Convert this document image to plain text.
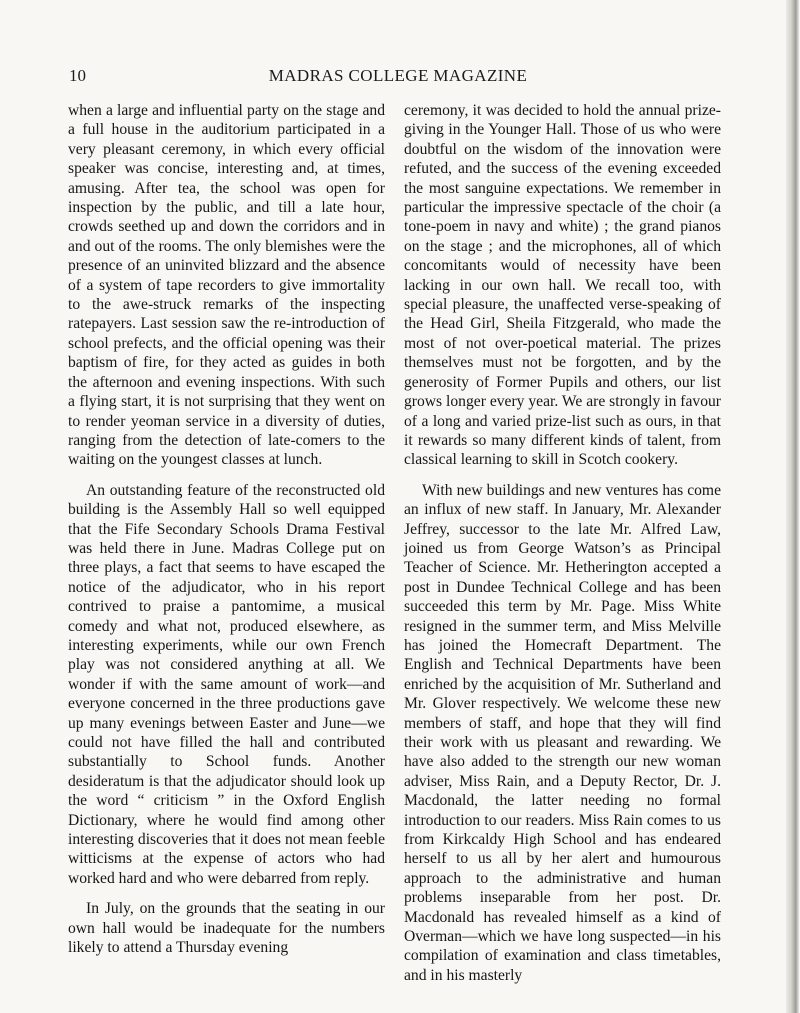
10	MADRAS COLLEGE MAGAZINE

when a large and influential party on the stage and a full house in the auditorium participated in a very pleasant ceremony, in which every official speaker was concise, interesting and, at times, amusing. After tea, the school was open for inspection by the public, and till a late hour, crowds seethed up and down the corridors and in and out of the rooms. The only blemishes were the presence of an uninvited blizzard and the absence of a system of tape recorders to give immortality to the awe-struck remarks of the inspecting ratepayers. Last session saw the re-introduction of school prefects, and the official opening was their baptism of fire, for they acted as guides in both the afternoon and evening inspections. With such a flying start, it is not surprising that they went on to render yeoman service in a diversity of duties, ranging from the detection of late-comers to the waiting on the youngest classes at lunch.

An outstanding feature of the reconstructed old building is the Assembly Hall so well equipped that the Fife Secondary Schools Drama Festival was held there in June. Madras College put on three plays, a fact that seems to have escaped the notice of the adjudicator, who in his report contrived to praise a pantomime, a musical comedy and what not, produced elsewhere, as interesting experiments, while our own French play was not considered anything at all. We wonder if with the same amount of work—and everyone concerned in the three productions gave up many evenings between Easter and June—we could not have filled the hall and contributed substantially to School funds. Another desideratum is that the adjudicator should look up the word “ criticism ” in the Oxford English Dictionary, where he would find among other interesting discoveries that it does not mean feeble witticisms at the expense of actors who had worked hard and who were debarred from reply.

In July, on the grounds that the seating in our own hall would be inadequate for the numbers likely to attend a Thursday evening

ceremony, it was decided to hold the annual prize-giving in the Younger Hall. Those of us who were doubtful on the wisdom of the innovation were refuted, and the success of the evening exceeded the most sanguine expectations. We remember in particular the impressive spectacle of the choir (a tone-poem in navy and white) ; the grand pianos on the stage ; and the microphones, all of which concomitants would of necessity have been lacking in our own hall. We recall too, with special pleasure, the unaffected verse-speaking of the Head Girl, Sheila Fitzgerald, who made the most of not over-poetical material. The prizes themselves must not be forgotten, and by the generosity of Former Pupils and others, our list grows longer every year. We are strongly in favour of a long and varied prize-list such as ours, in that it rewards so many different kinds of talent, from classical learning to skill in Scotch cookery.

With new buildings and new ventures has come an influx of new staff. In January, Mr. Alexander Jeffrey, successor to the late Mr. Alfred Law, joined us from George Watson’s as Principal Teacher of Science. Mr. Hetherington accepted a post in Dundee Technical College and has been succeeded this term by Mr. Page. Miss White resigned in the summer term, and Miss Melville has joined the Homecraft Department. The English and Technical Departments have been enriched by the acquisition of Mr. Sutherland and Mr. Glover respectively. We welcome these new members of staff, and hope that they will find their work with us pleasant and rewarding. We have also added to the strength our new woman adviser, Miss Rain, and a Deputy Rector, Dr. J. Macdonald, the latter needing no formal introduction to our readers. Miss Rain comes to us from Kirkcaldy High School and has endeared herself to us all by her alert and humourous approach to the administrative and human problems inseparable from her post. Dr. Macdonald has revealed himself as a kind of Overman—which we have long suspected—in his compilation of examination and class timetables, and in his masterly
